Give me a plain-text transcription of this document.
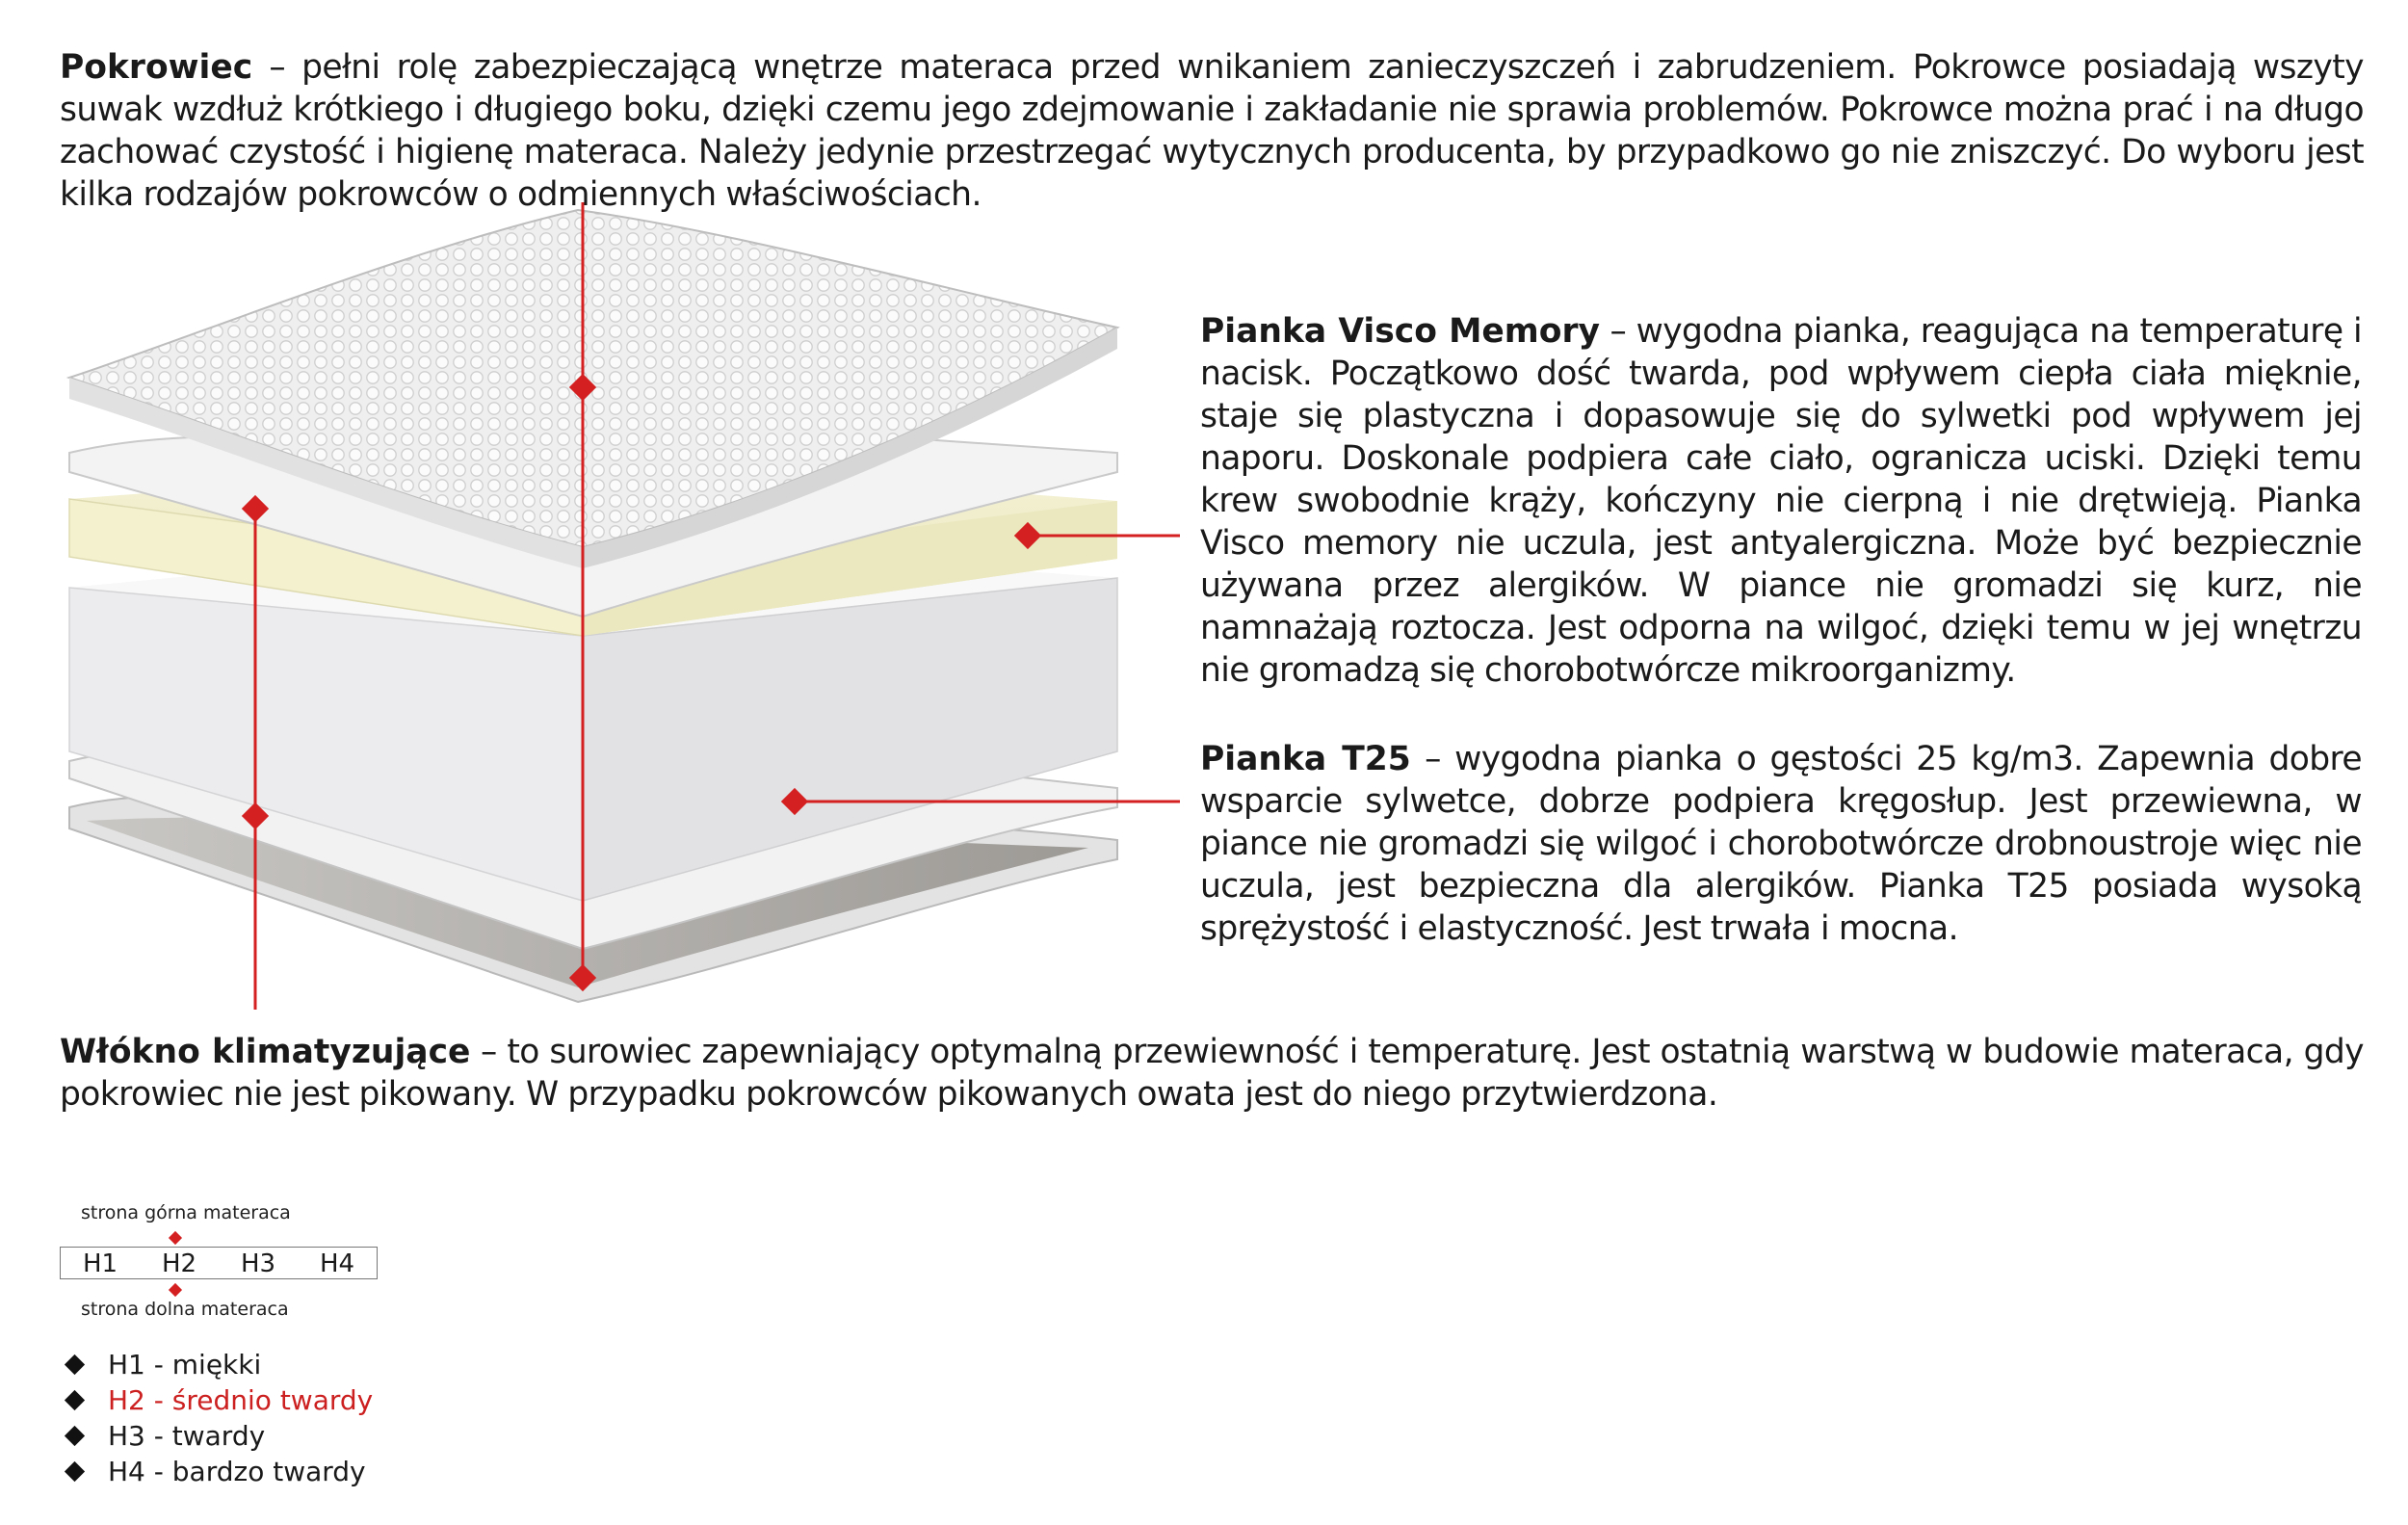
Pokrowiec – pełni rolę zabezpieczającą wnętrze materaca przed wnikaniem zanieczyszczeń i zabrudzeniem. Pokrowce posiadają wszyty suwak wzdłuż krótkiego i długiego boku, dzięki czemu jego zdejmowanie i zakładanie nie sprawia problemów. Pokrowce można prać i na długo zachować czystość i higienę materaca. Należy jedynie przestrzegać wytycznych producenta, by przypadkowo go nie zniszczyć. Do wyboru jest kilka rodzajów pokrowców o odmiennych właściwościach.
Pianka Visco Memory – wygodna pianka, reagująca na temperaturę i nacisk. Początkowo dość twarda, pod wpływem ciepła ciała mięknie, staje się plastyczna i dopasowuje się do sylwetki pod wpływem jej naporu. Doskonale podpiera całe ciało, ogranicza uciski. Dzięki temu krew swobodnie krąży, kończyny nie cierpną i nie drętwieją. Pianka Visco memory nie uczula, jest antyalergiczna. Może być bezpiecznie używana przez alergików. W piance nie gromadzi się kurz, nie namnażają roztocza. Jest odporna na wilgoć, dzięki temu w jej wnętrzu nie gromadzą się chorobotwórcze mikroorganizmy.
Pianka T25 – wygodna pianka o gęstości 25 kg/m3. Zapewnia dobre wsparcie sylwetce, dobrze podpiera kręgosłup. Jest przewiewna, w piance nie gromadzi się wilgoć i chorobotwórcze drobnoustroje więc nie uczula, jest bezpieczna dla alergików. Pianka T25 posiada wysoką sprężystość i elastyczność. Jest trwała i mocna.
Włókno klimatyzujące – to surowiec zapewniający optymalną przewiewność i temperaturę. Jest ostatnią warstwą w budowie materaca, gdy pokrowiec nie jest pikowany. W przypadku pokrowców pikowanych owata jest do niego przytwierdzona.
strona górna materaca
H1	H2	H3	H4
strona dolna materaca
H1 - miękki
H2 - średnio twardy
H3 - twardy
H4 - bardzo twardy
